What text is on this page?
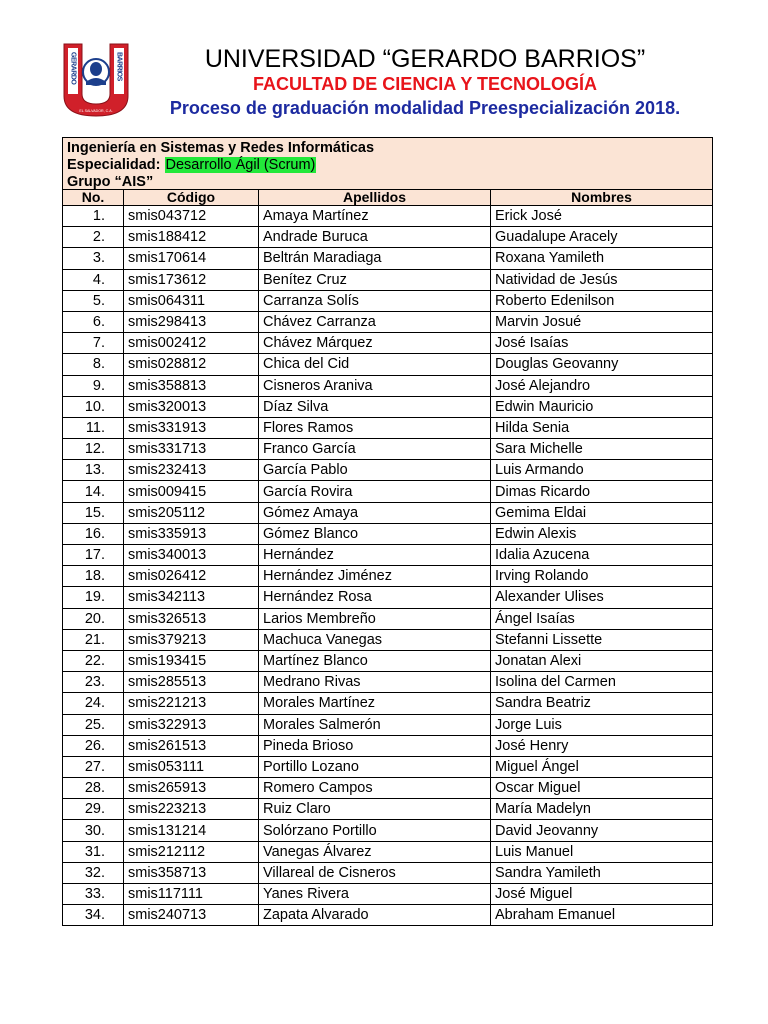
GERARDO	BARRIOS
EL SALVADOR, C.A.
UNIVERSIDAD “GERARDO BARRIOS”
FACULTAD DE CIENCIA Y TECNOLOGÍA
Proceso de graduación modalidad Preespecialización 2018.
Ingeniería en Sistemas y Redes Informáticas
Especialidad: Desarrollo Ágil (Scrum)
Grupo “AIS”			

No.	Código	Apellidos	Nombres
1.	smis043712	Amaya Martínez	Erick José
2.	smis188412	Andrade Buruca	Guadalupe Aracely
3.	smis170614	Beltrán Maradiaga	Roxana Yamileth
4.	smis173612	Benítez Cruz	Natividad de Jesús
5.	smis064311	Carranza Solís	Roberto Edenilson
6.	smis298413	Chávez Carranza	Marvin Josué
7.	smis002412	Chávez Márquez	José Isaías
8.	smis028812	Chica del Cid	Douglas Geovanny
9.	smis358813	Cisneros Araniva	José Alejandro
10.	smis320013	Díaz Silva	Edwin Mauricio
11.	smis331913	Flores Ramos	Hilda Senia
12.	smis331713	Franco García	Sara Michelle
13.	smis232413	García Pablo	Luis Armando
14.	smis009415	García Rovira	Dimas Ricardo
15.	smis205112	Gómez Amaya	Gemima Eldai
16.	smis335913	Gómez Blanco	Edwin Alexis
17.	smis340013	Hernández	Idalia Azucena
18.	smis026412	Hernández Jiménez	Irving Rolando
19.	smis342113	Hernández Rosa	Alexander Ulises
20.	smis326513	Larios Membreño	Ángel Isaías
21.	smis379213	Machuca Vanegas	Stefanni Lissette
22.	smis193415	Martínez Blanco	Jonatan Alexi
23.	smis285513	Medrano Rivas	Isolina del Carmen
24.	smis221213	Morales Martínez	Sandra Beatriz
25.	smis322913	Morales Salmerón	Jorge Luis
26.	smis261513	Pineda Brioso	José Henry
27.	smis053111	Portillo Lozano	Miguel Ángel
28.	smis265913	Romero Campos	Oscar Miguel
29.	smis223213	Ruiz Claro	María Madelyn
30.	smis131214	Solórzano Portillo	David Jeovanny
31.	smis212112	Vanegas Álvarez	Luis Manuel
32.	smis358713	Villareal de Cisneros	Sandra Yamileth
33.	smis117111	Yanes Rivera	José Miguel
34.	smis240713	Zapata Alvarado	Abraham Emanuel
